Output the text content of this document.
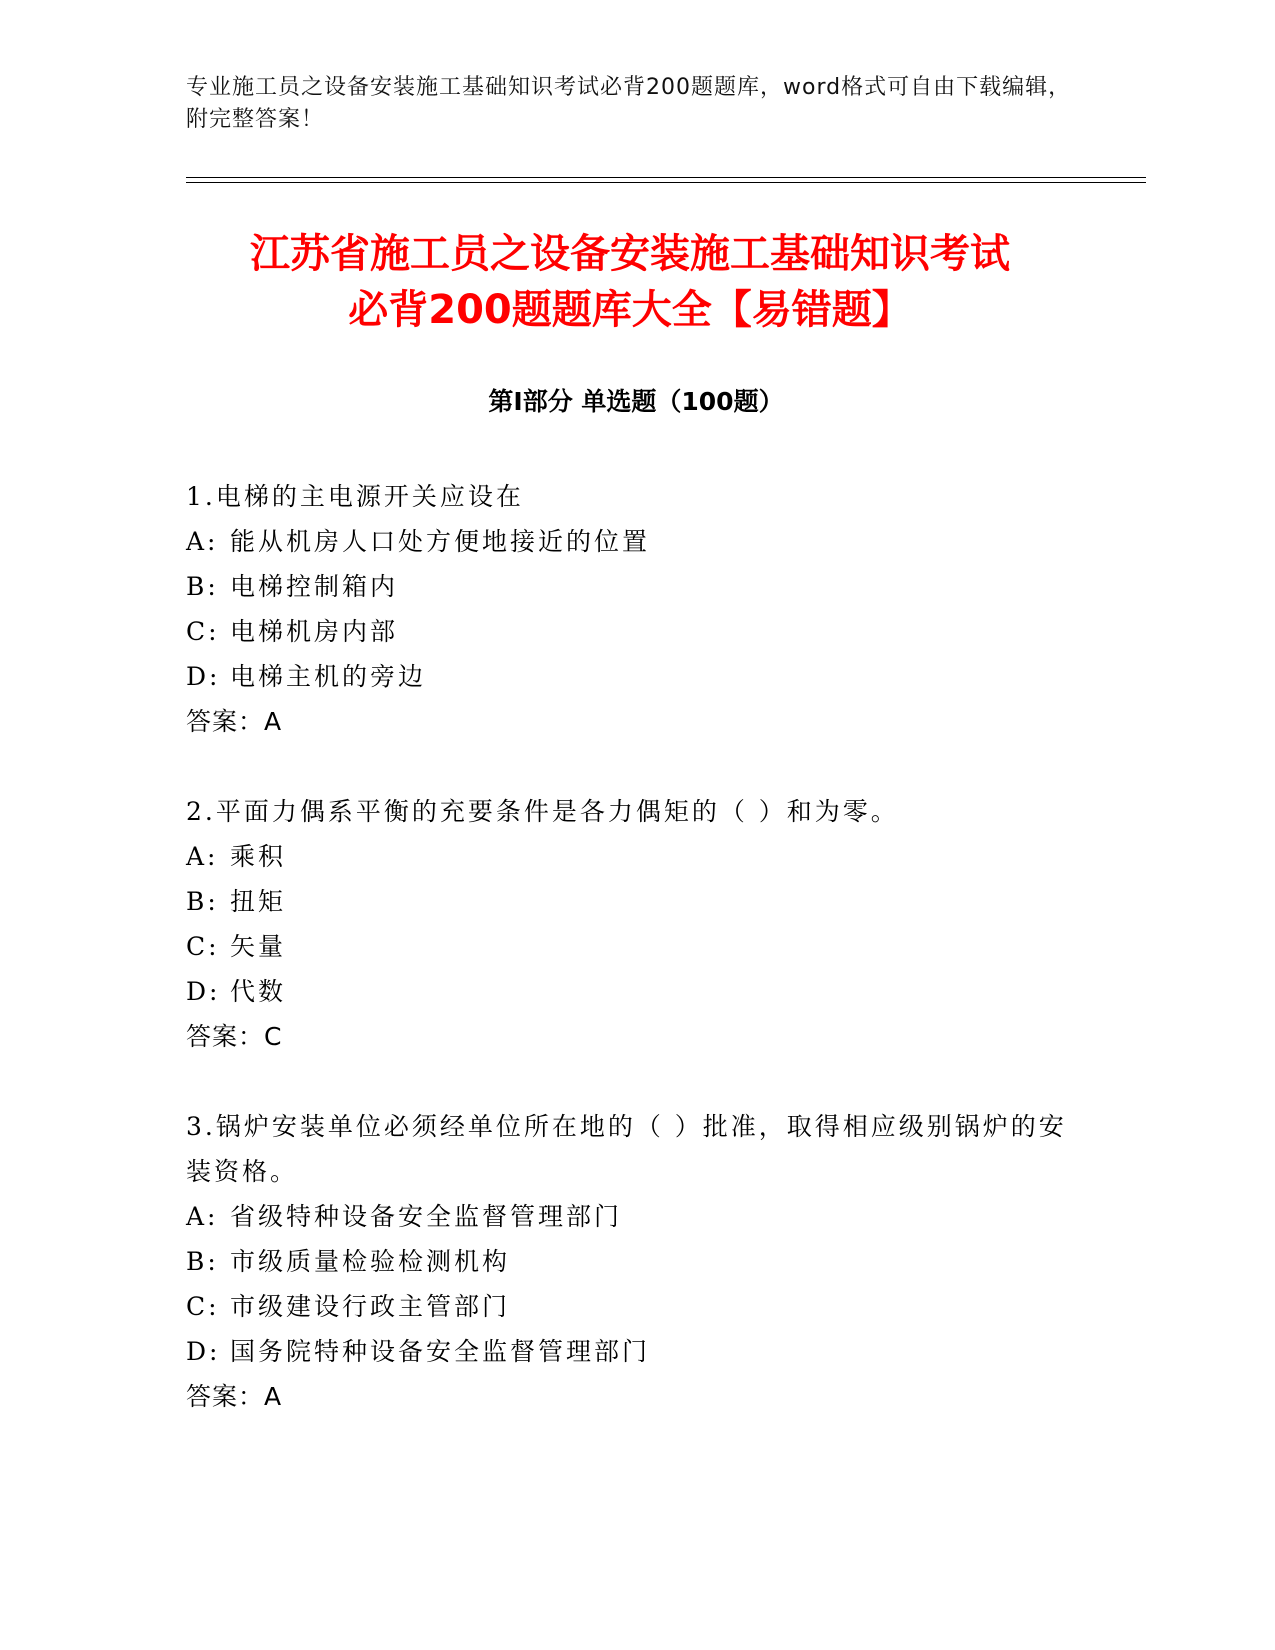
专业施工员之设备安装施工基础知识考试必背200题题库，word格式可自由下载编辑，附完整答案！
江苏省施工员之设备安装施工基础知识考试
必背200题题库大全【易错题】
第Ⅰ部分 单选题（100题）

1.电梯的主电源开关应设在

A: 能从机房人口处方便地接近的位置

B: 电梯控制箱内

C: 电梯机房内部

D: 电梯主机的旁边

答案：A

2.平面力偶系平衡的充要条件是各力偶矩的（ ）和为零。

A: 乘积

B: 扭矩

C: 矢量

D: 代数

答案：C

3.锅炉安装单位必须经单位所在地的（ ）批准，取得相应级别锅炉的安装资格。

A: 省级特种设备安全监督管理部门

B: 市级质量检验检测机构

C: 市级建设行政主管部门

D: 国务院特种设备安全监督管理部门

答案：A
